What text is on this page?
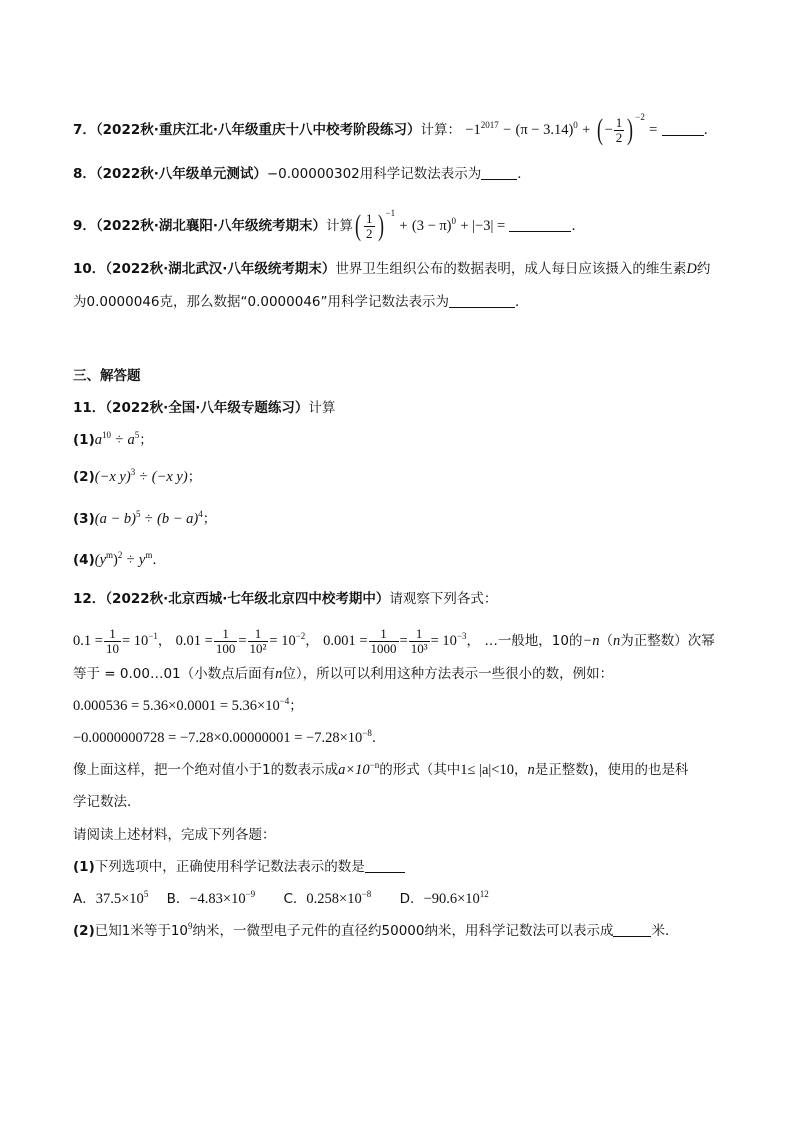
7．（2022秋·重庆江北·八年级重庆十八中校考阶段练习）计算： $-1^{2017} - (\pi - 3.14)^0$ + ( − $\frac{1}{2}$ ) $^{-2}$ =	．
8．（2022秋·八年级单元测试）−0.00000302用科学记数法表示为	．
9．（2022秋·湖北襄阳·八年级统考期末）计算( $\frac{1}{2}$ ) $^{-1} + (3 - \pi)^0 + |-3|$ =	．
10．（2022秋·湖北武汉·八年级统考期末）世界卫生组织公布的数据表明，成人每日应该摄入的维生素D约
为0.0000046克，那么数据“0.0000046”用科学记数法表示为	．
三、解答题
11．（2022秋·全国·八年级专题练习）计算
$(1)a^{10} \div a^5$；
(2)(−x y)$^3$ ÷ (−x y)；
$(3)(a - b)^5 \div (b - a)^4$；
$(4)(y^m)^2 \div y^m$．
12．（2022秋·北京西城·七年级北京四中校考期中）请观察下列各式：
$0.1 = \frac{1}{10} = 10^{-1}$， $0.01 = \frac{1}{100} = \frac{1}{\text{10²}} = 10^{-2}$， $0.001 = \frac{1}{1000} = \frac{1}{\text{10³}} = 10^{-3}$， …一般地，10的−n（n为正整数）次幂
等于 = 0.00…01（小数点后面有n位），所以可以利用这种方法表示一些很小的数，例如：
$0.000536 = 5.36\times 0.0001 = 5.36\times 10^{-4}$；
$-0.0000000728 = -7.28\times 0.00000001 = -7.28\times 10^{-8}$．
像上面这样，把一个绝对值小于1的数表示成$a\times 10^{-n}$的形式（其中1≤ |a|<10，n是正整数)，使用的也是科
学记数法．
请阅读上述材料，完成下列各题：
(1)下列选项中，正确使用科学记数法表示的数是
A．$37.5\times 10^5$ B．$-4.83\times 10^{-9}$ C．$0.258\times 10^{-8}$ D．$-90.6\times 10^{12}$
(2)已知1米等于$10^9$纳米，一微型电子元件的直径约50000纳米，用科学记数法可以表示成	米．
